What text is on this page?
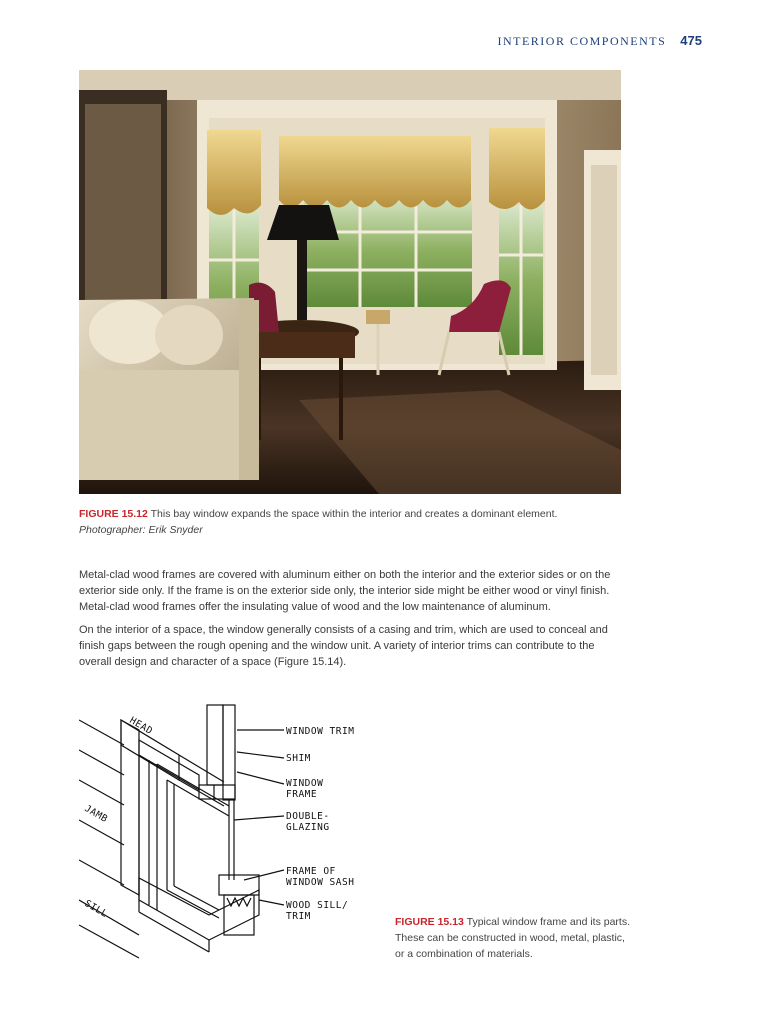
INTERIOR COMPONENTS 475
FIGURE 15.12 This bay window expands the space within the interior and creates a dominant element.
Photographer: Erik Snyder

Metal-clad wood frames are covered with aluminum either on both the interior and the exterior sides or on the exterior side only. If the frame is on the exterior side only, the interior side might be either wood or vinyl finish. Metal-clad wood frames offer the insulating value of wood and the low maintenance of aluminum.

On the interior of a space, the window generally consists of a casing and trim, which are used to conceal and finish gaps between the rough opening and the window unit. A variety of interior trims can contribute to the overall design and character of a space (Figure 15.14).

HEAD
JAMB
SILL
WINDOW TRIM
SHIM
WINDOW
FRAME
DOUBLE-
GLAZING
FRAME OF
WINDOW SASH
WOOD SILL/
TRIM	FIGURE 15.13 Typical window frame and its parts. These can be constructed in wood, metal, plastic, or a combination of materials.
